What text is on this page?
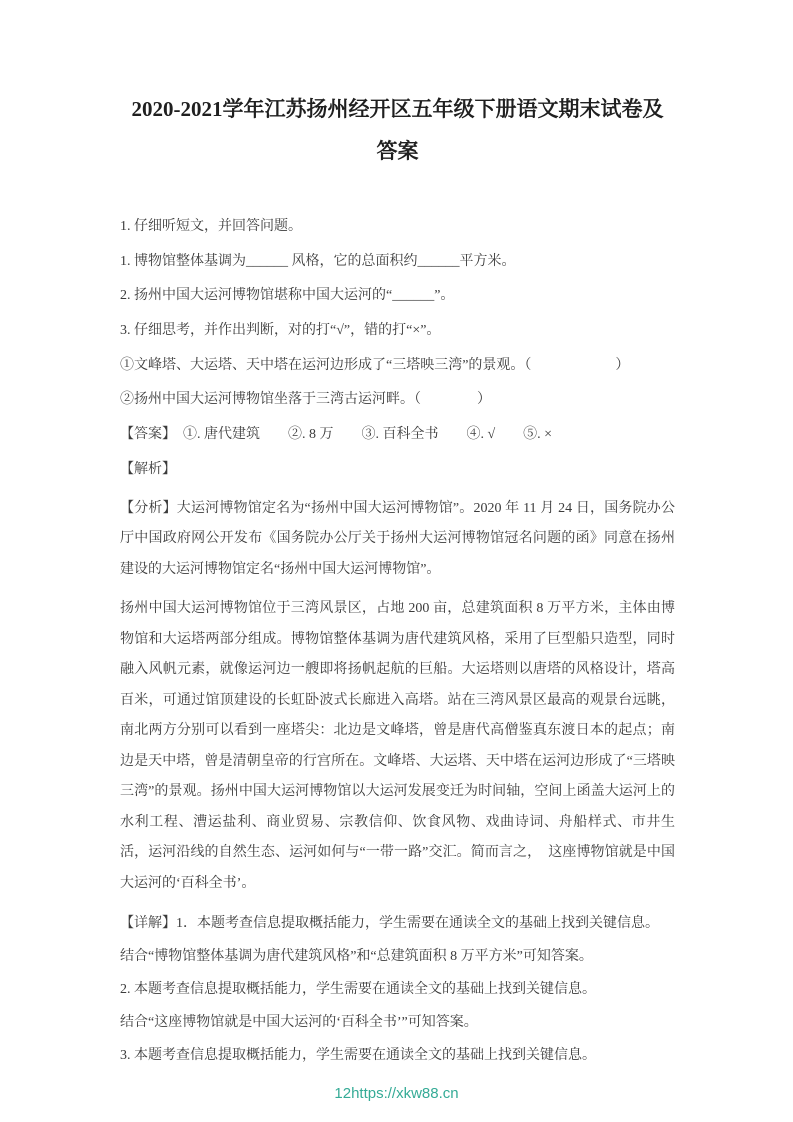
2020-2021学年江苏扬州经开区五年级下册语文期末试卷及
答案

1. 仔细听短文，并回答问题。

1. 博物馆整体基调为______ 风格，它的总面积约______平方米。

2. 扬州中国大运河博物馆堪称中国大运河的“______”。

3. 仔细思考，并作出判断，对的打“√”，错的打“×”。

①文峰塔、大运塔、天中塔在运河边形成了“三塔映三湾”的景观。（　　　　　　）

②扬州中国大运河博物馆坐落于三湾古运河畔。（　　　　）

【答案】　①. 唐代建筑　　②. 8 万　　③. 百科全书　　④. √　　⑤. ×

【解析】

【分析】大运河博物馆定名为“扬州中国大运河博物馆”。2020 年 11 月 24 日，国务院办公厅中国政府网公开发布《国务院办公厅关于扬州大运河博物馆冠名问题的函》同意在扬州建设的大运河博物馆定名“扬州中国大运河博物馆”。

扬州中国大运河博物馆位于三湾风景区，占地 200 亩，总建筑面积 8 万平方米，主体由博物馆和大运塔两部分组成。博物馆整体基调为唐代建筑风格，采用了巨型船只造型，同时融入风帆元素，就像运河边一艘即将扬帆起航的巨船。大运塔则以唐塔的风格设计，塔高百米，可通过馆顶建设的长虹卧波式长廊进入高塔。站在三湾风景区最高的观景台远眺，南北两方分别可以看到一座塔尖：北边是文峰塔，曾是唐代高僧鉴真东渡日本的起点；南边是天中塔，曾是清朝皇帝的行宫所在。文峰塔、大运塔、天中塔在运河边形成了“三塔映三湾”的景观。扬州中国大运河博物馆以大运河发展变迁为时间轴，空间上函盖大运河上的水利工程、漕运盐利、商业贸易、宗教信仰、饮食风物、戏曲诗词、舟船样式、市井生活，运河沿线的自然生态、运河如何与“一带一路”交汇。简而言之，　这座博物馆就是中国大运河的‘百科全书’。

【详解】1．本题考查信息提取概括能力，学生需要在通读全文的基础上找到关键信息。

结合“博物馆整体基调为唐代建筑风格”和“总建筑面积 8 万平方米”可知答案。

2. 本题考查信息提取概括能力，学生需要在通读全文的基础上找到关键信息。

结合“这座博物馆就是中国大运河的‘百科全书’”可知答案。

3. 本题考查信息提取概括能力，学生需要在通读全文的基础上找到关键信息。

12https://xkw88.cn
